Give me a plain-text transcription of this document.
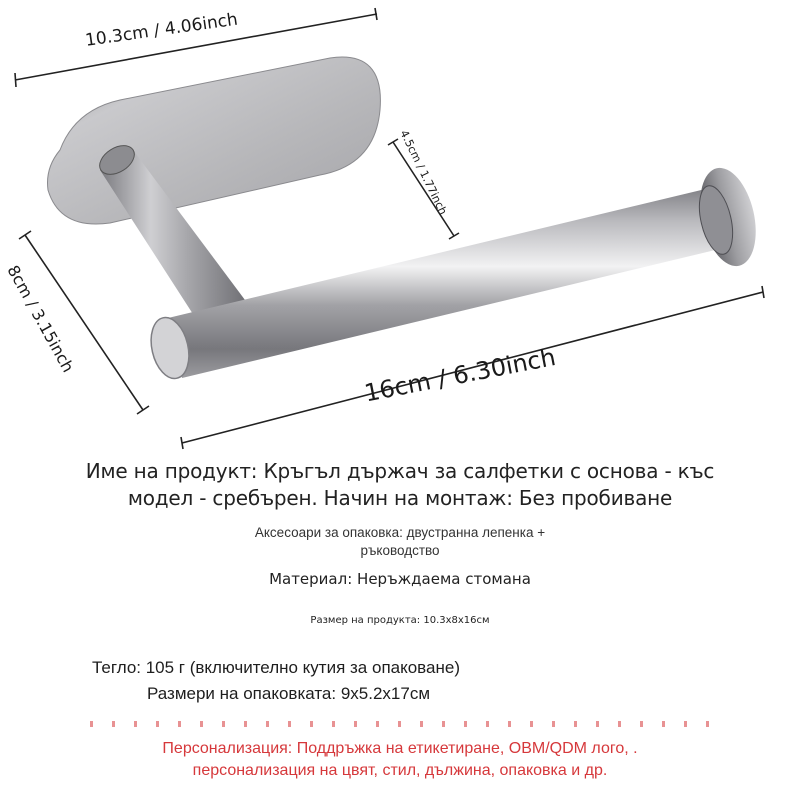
10.3cm / 4.06inch
8cm / 3.15inch
4.5cm / 1.77inch
16cm / 6.30inch
Име на продукт: Кръгъл държач за салфетки с основа - къс
модел - сребърен. Начин на монтаж: Без пробиване
Аксесоари за опаковка: двустранна лепенка +
ръководство
Материал: Неръждаема стомана
Размер на продукта: 10.3x8x16см
Тегло: 105 г (включително кутия за опаковане)
Размери на опаковката: 9x5.2x17см
Персонализация: Поддръжка на етикетиране, OBM/QDM лого, .
персонализация на цвят, стил, дължина, опаковка и др.
